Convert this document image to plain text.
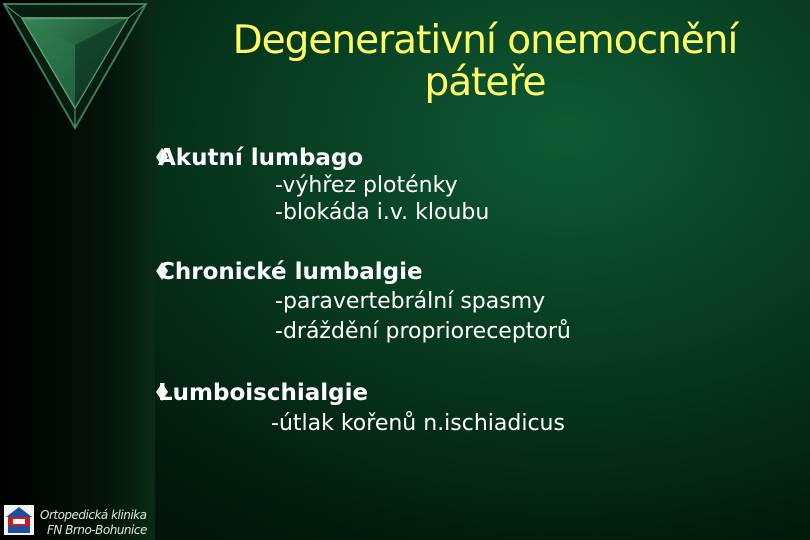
Degenerativní onemocnění
páteře
Akutní lumbago
-výhřez ploténky
-blokáda i.v. kloubu
Chronické lumbalgie
-paravertebrální spasmy
-dráždění proprioreceptorů
Lumboischialgie
-útlak kořenů n.ischiadicus
Ortopedická klinika
FN Brno-Bohunice
